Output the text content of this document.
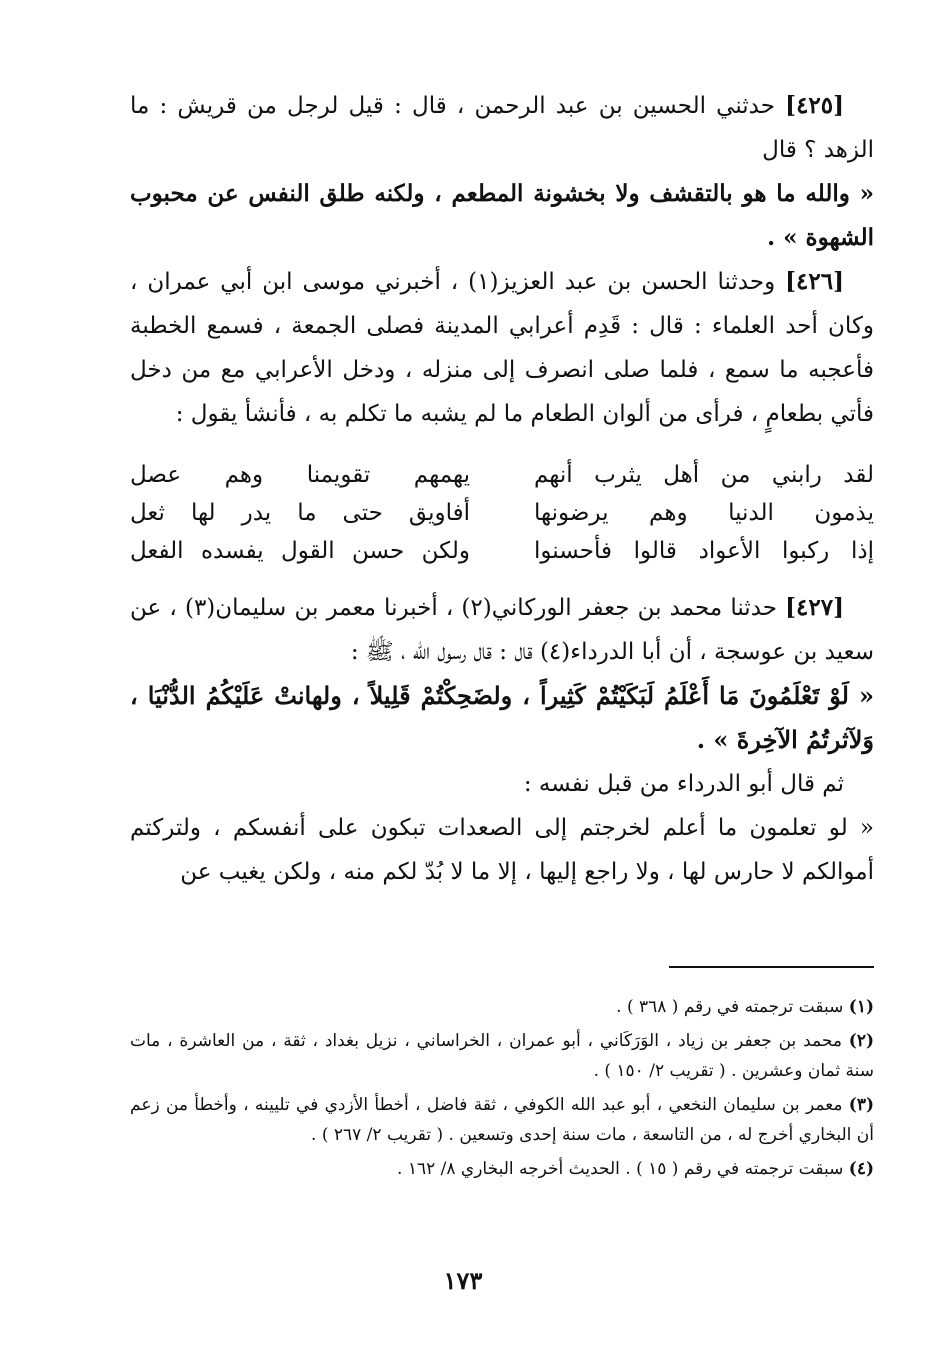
[٤٢٥] حدثني الحسين بن عبد الرحمن ، قال : قيل لرجل من قريش : ما الزهد ؟ قال

« والله ما هو بالتقشف ولا بخشونة المطعم ، ولكنه طلق النفس عن محبوب الشهوة » .

[٤٢٦] وحدثنا الحسن بن عبد العزيز(١) ، أخبرني موسى ابن أبي عمران ، وكان أحد العلماء : قال : قَدِم أعرابي المدينة فصلى الجمعة ، فسمع الخطبة فأعجبه ما سمع ، فلما صلى انصرف إلى منزله ، ودخل الأعرابي مع من دخل فأتي بطعامٍ ، فرأى من ألوان الطعام ما لم يشبه ما تكلم به ، فأنشأ يقول :

لقد رابني من أهل يثرب أنهم
يهمهم تقويمنا وهم عصل
يذمون الدنيا وهم يرضونها
أفاويق حتى ما يدر لها ثعل
إذا ركبوا الأعواد قالوا فأحسنوا
ولكن حسن القول يفسده الفعل

[٤٢٧] حدثنا محمد بن جعفر الوركاني(٢) ، أخبرنا معمر بن سليمان(٣) ، عن سعيد بن عوسجة ، أن أبا الدرداء(٤) قال : قال رسول الله ، ﷺ :

« لَوْ تَعْلَمُونَ مَا أَعْلَمُ لَبَكَيْتُمْ كَثِيراً ، ولضَحِكْتُمْ قَلِيلاً ، ولهانتْ عَلَيْكُمُ الدُّنْيَا ، وَلآثرتُمُ الآخِرةَ » .

ثم قال أبو الدرداء من قبل نفسه :

« لو تعلمون ما أعلم لخرجتم إلى الصعدات تبكون على أنفسكم ، ولتركتم أموالكم لا حارس لها ، ولا راجع إليها ، إلا ما لا بُدّ لكم منه ، ولكن يغيب عن

(١) سبقت ترجمته في رقم ( ٣٦٨ ) .

(٢) محمد بن جعفر بن زياد ، الوَرَكَاني ، أبو عمران ، الخراساني ، نزيل بغداد ، ثقة ، من العاشرة ، مات سنة ثمان وعشرين . ( تقريب ٢/ ١٥٠ ) .

(٣) معمر بن سليمان النخعي ، أبو عبد الله الكوفي ، ثقة فاضل ، أخطأ الأزدي في تليينه ، وأخطأ من زعم أن البخاري أخرج له ، من التاسعة ، مات سنة إحدى وتسعين . ( تقريب ٢/ ٢٦٧ ) .

(٤) سبقت ترجمته في رقم ( ١٥ ) . الحديث أخرجه البخاري ٨/ ١٦٢ .

١٧٣
